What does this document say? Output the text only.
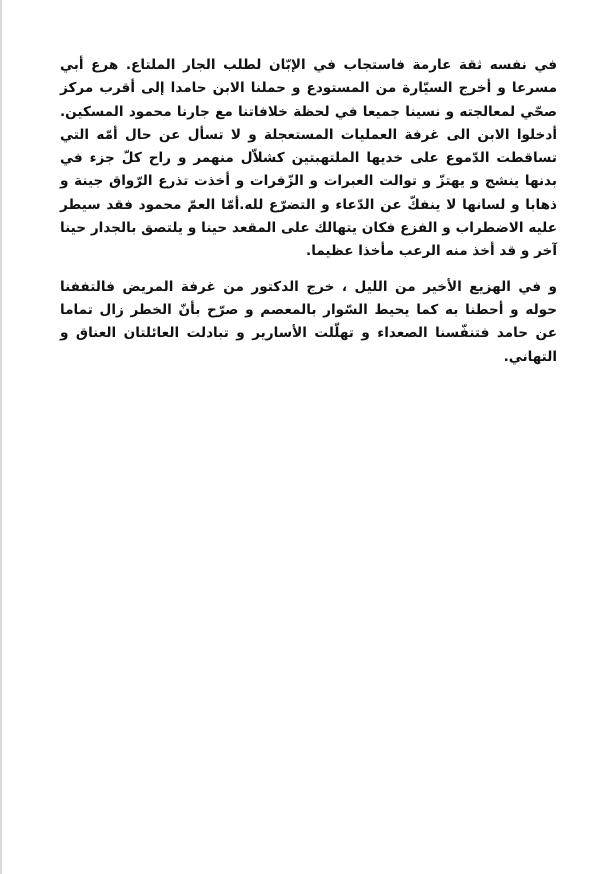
في نفسه ثقة عارمة فاستجاب في الإبّان لطلب الجار الملتاع. هرع أبي مسرعا و أخرج السيّارة من المستودع و حملنا الابن حامدا إلى أقرب مركز صحّي لمعالجته و نسينا جميعا في لحظة خلافاتنا مع جارنا محمود المسكين. أدخلوا الابن الى غرفة العمليات المستعجلة و لا تسأل عن حال أمّه التي تساقطت الدّموع على خديها الملتهبتين كشلاّل منهمر و راح كلّ جزء في بدنها ينشج و يهتزّ و توالت العبرات و الزّفرات و أخذت تذرع الرّواق جينة و ذهابا و لسانها لا ينفكّ عن الدّعاء و التضرّع لله.أمّا العمّ محمود فقد سيطر عليه الاضطراب و الفزع فكان يتهالك على المقعد حينا و يلتصق بالجدار حينا آخر و قد أخذ منه الرعب مأخذا عظيما.

و في الهزيع الأخير من الليل ، خرج الدكتور من غرفة المريض فالتففنا حوله و أحطنا به كما يحيط السّوار بالمعصم و صرّح بأنّ الخطر زال تماما عن حامد فتنفّسنا الصعداء و تهلّلت الأسارير و تبادلت العائلتان العناق و التهاني.
